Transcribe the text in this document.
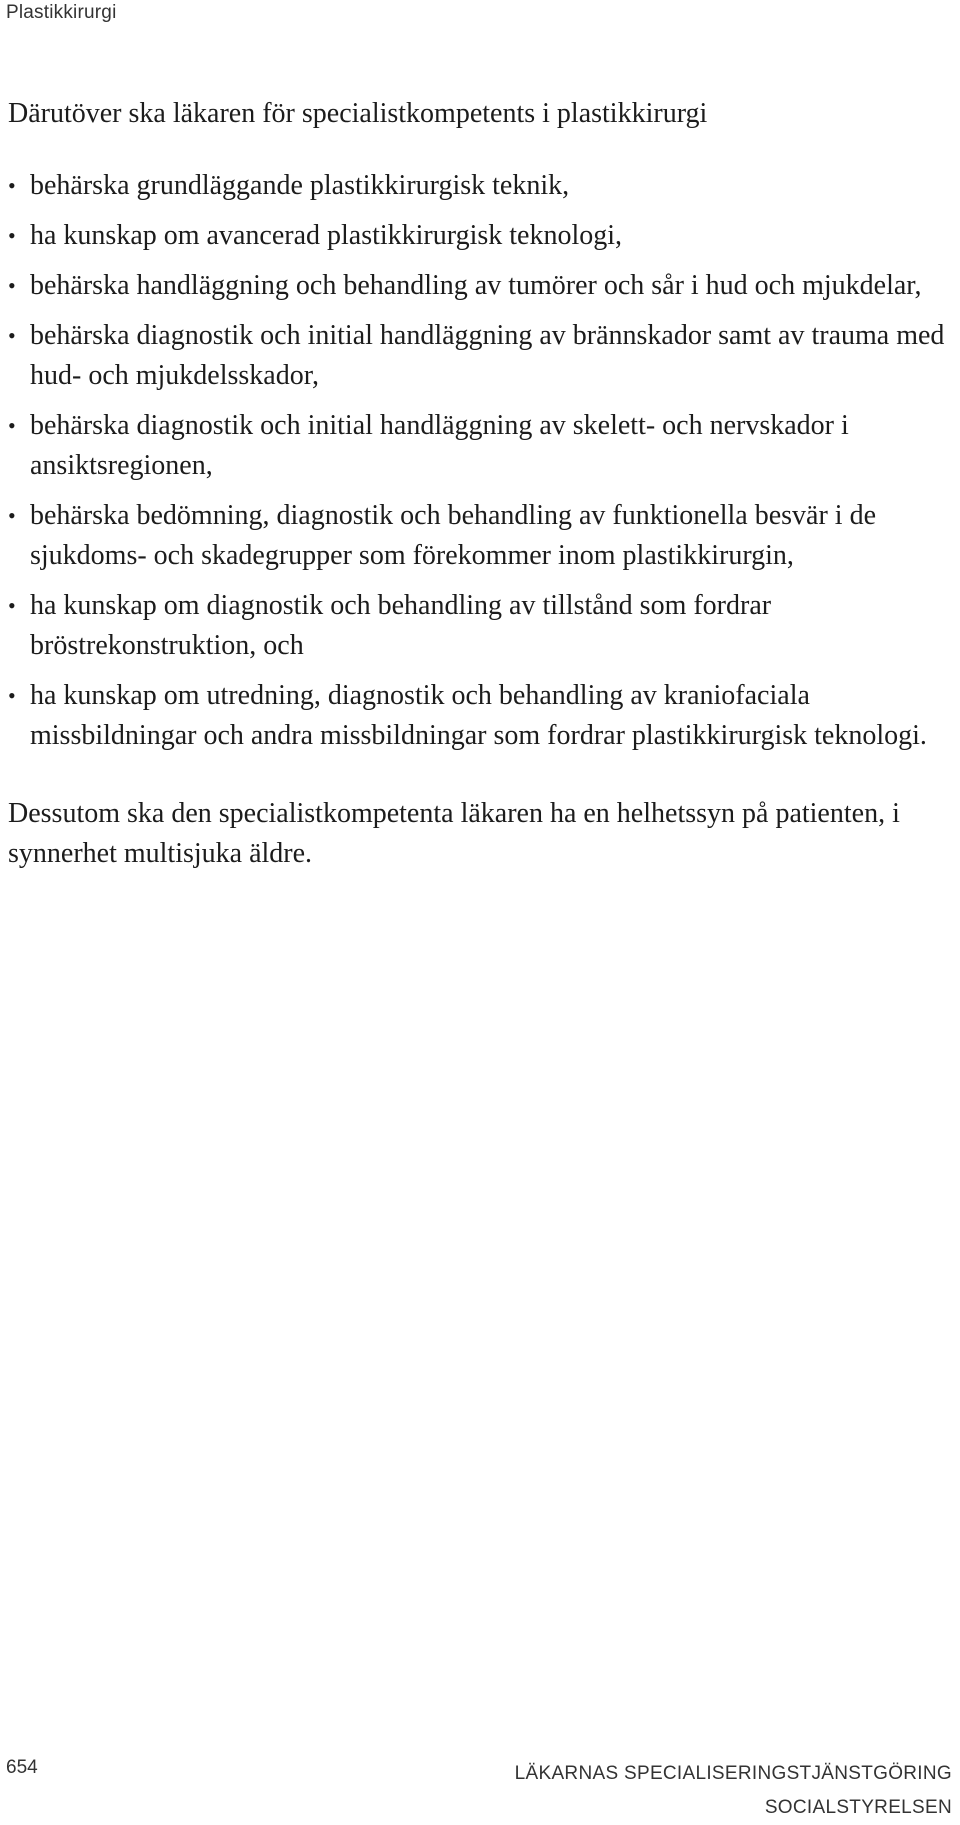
Plastikkirurgi

Därutöver ska läkaren för specialistkompetents i plastikkirurgi

• behärska grundläggande plastikkirurgisk teknik,
• ha kunskap om avancerad plastikkirurgisk teknologi,
• behärska handläggning och behandling av tumörer och sår i hud och mjukdelar,
• behärska diagnostik och initial handläggning av brännskador samt av trauma med hud- och mjukdelsskador,
• behärska diagnostik och initial handläggning av skelett- och nervskador i ansiktsregionen,
• behärska bedömning, diagnostik och behandling av funktionella besvär i de sjukdoms- och skadegrupper som förekommer inom plastikkirurgin,
• ha kunskap om diagnostik och behandling av tillstånd som fordrar bröstrekonstruktion, och
• ha kunskap om utredning, diagnostik och behandling av kraniofaciala missbildningar och andra missbildningar som fordrar plastikkirurgisk teknologi.

Dessutom ska den specialistkompetenta läkaren ha en helhetssyn på patienten, i synnerhet multisjuka äldre.

654	LÄKARNAS SPECIALISERINGSTJÄNSTGÖRING
SOCIALSTYRELSEN
